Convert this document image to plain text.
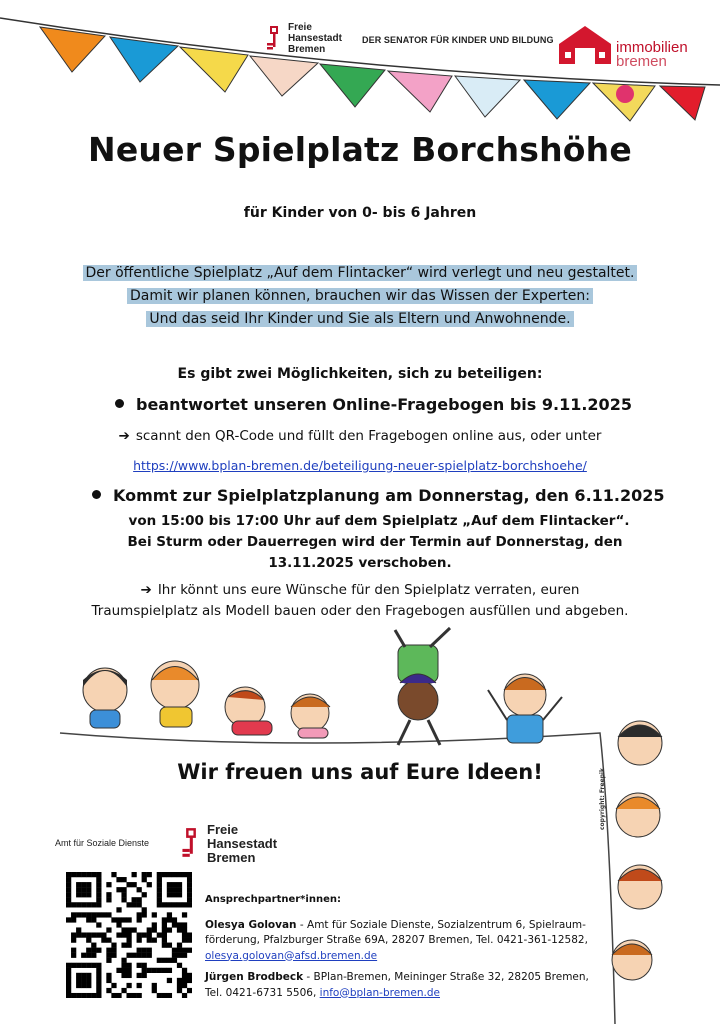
Freie
Hansestadt
Bremen
DER SENATOR FÜR KINDER UND BILDUNG	immobilien
bremen
Neuer Spielplatz Borchshöhe
für Kinder von 0- bis 6 Jahren
Der öffentliche Spielplatz „Auf dem Flintacker“ wird verlegt und neu gestaltet.
Damit wir planen können, brauchen wir das Wissen der Experten:
Und das seid Ihr Kinder und Sie als Eltern und Anwohnende.
Es gibt zwei Möglichkeiten, sich zu beteiligen:
beantwortet unseren Online-Fragebogen bis 9.11.2025
➔ scannt den QR-Code und füllt den Fragebogen online aus, oder unter
https://www.bplan-bremen.de/beteiligung-neuer-spielplatz-borchshoehe/
Kommt zur Spielplatzplanung am Donnerstag, den 6.11.2025
von 15:00 bis 17:00 Uhr auf dem Spielplatz „Auf dem Flintacker“.
Bei Sturm oder Dauerregen wird der Termin auf Donnerstag, den
13.11.2025 verschoben.
➔ Ihr könnt uns eure Wünsche für den Spielplatz verraten, euren
Traumspielplatz als Modell bauen oder den Fragebogen ausfüllen und abgeben.
Wir freuen uns auf Eure Ideen!	copyright: Freepik
Amt für Soziale Dienste
Freie
Hansestadt
Bremen
Ansprechpartner*innen:
Olesya Golovan - Amt für Soziale Dienste, Sozialzentrum 6, Spielraum-
förderung, Pfalzburger Straße 69A, 28207 Bremen, Tel. 0421-361-12582,
olesya.golovan@afsd.bremen.de
Jürgen Brodbeck - BPlan-Bremen, Meininger Straße 32, 28205 Bremen,
Tel. 0421-6731 5506, info@bplan-bremen.de
